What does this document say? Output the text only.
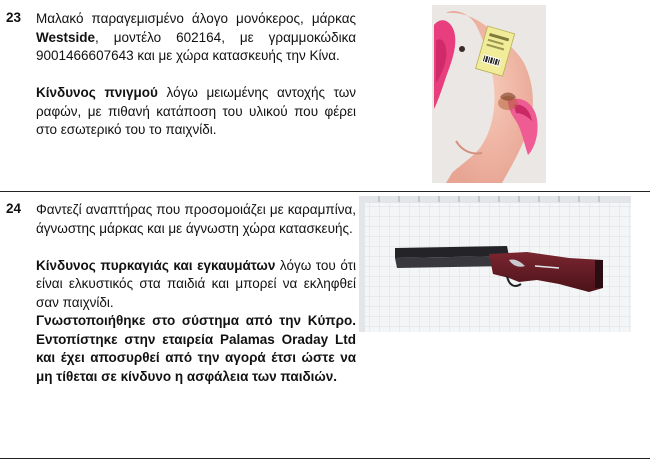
23 Μαλακό παραγεμισμένο άλογο μονόκερος, μάρκας Westside, μοντέλο 602164, με γραμμοκώδικα 9001466607643 και με χώρα κατασκευής την Κίνα.

Κίνδυνος πνιγμού λόγω μειωμένης αντοχής των ραφών, με πιθανή κατάποση του υλικού που φέρει στο εσωτερικό του το παιχνίδι.

24 Φαντεζί αναπτήρας που προσομοιάζει με καραμπίνα, άγνωστης μάρκας και με άγνωστη χώρα κατασκευής.

Κίνδυνος πυρκαγιάς και εγκαυμάτων λόγω του ότι είναι ελκυστικός στα παιδιά και μπορεί να εκληφθεί σαν παιχνίδι.

Γνωστοποιήθηκε στο σύστημα από την Κύπρο. Εντοπίστηκε στην εταιρεία Palamas Oraday Ltd και έχει αποσυρθεί από την αγορά έτσι ώστε να μη τίθεται σε κίνδυνο η ασφάλεια των παιδιών.
